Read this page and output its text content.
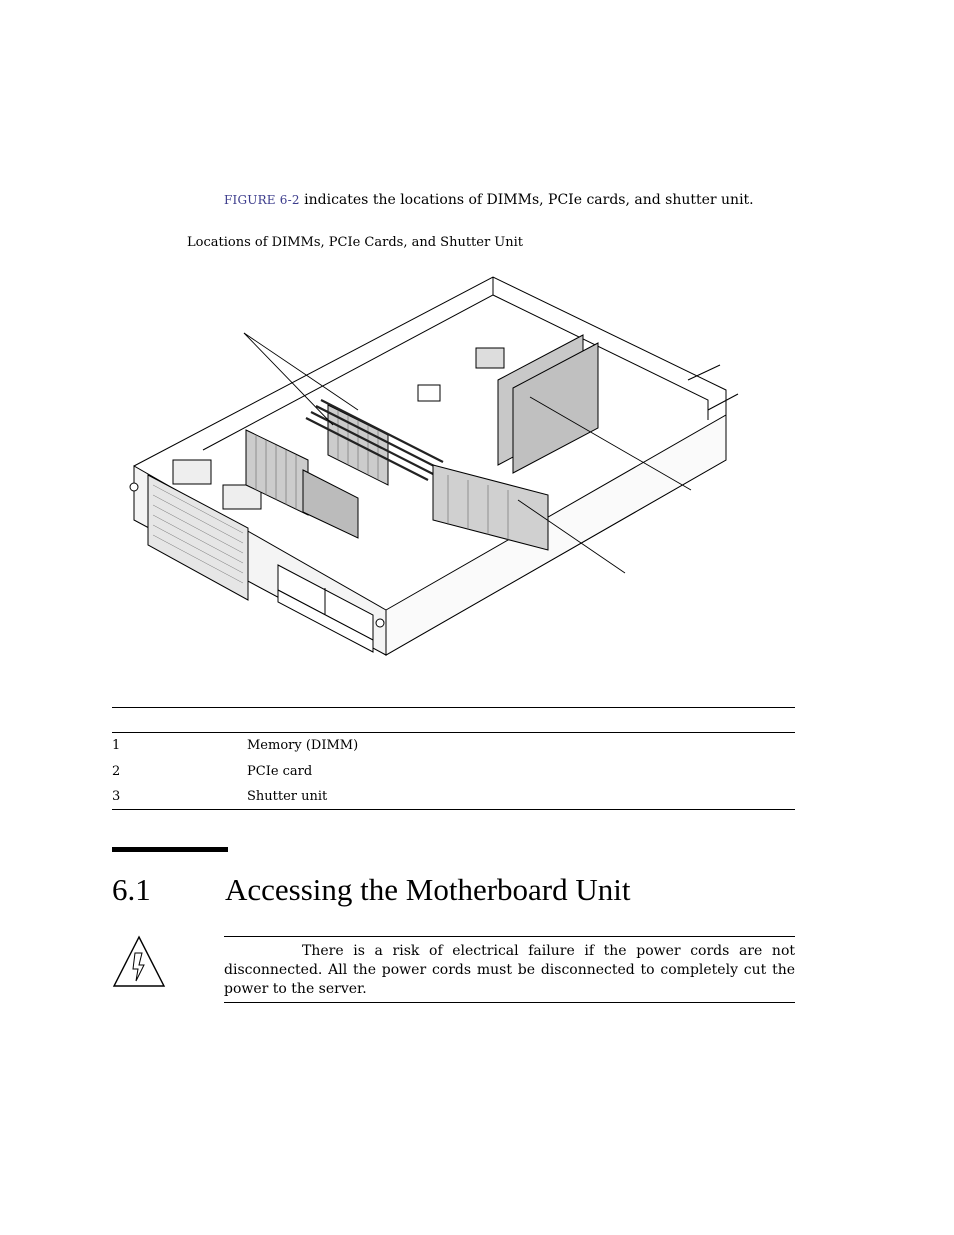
FIGURE 6-2 indicates the locations of DIMMs, PCIe cards, and shutter unit.
Locations of DIMMs, PCIe Cards, and Shutter Unit
1	Memory (DIMM)
2	PCIe card
3	Shutter unit
6.1 Accessing the Motherboard Unit
There is a risk of electrical failure if the power cords are not disconnected. All the power cords must be disconnected to completely cut the power to the server.
